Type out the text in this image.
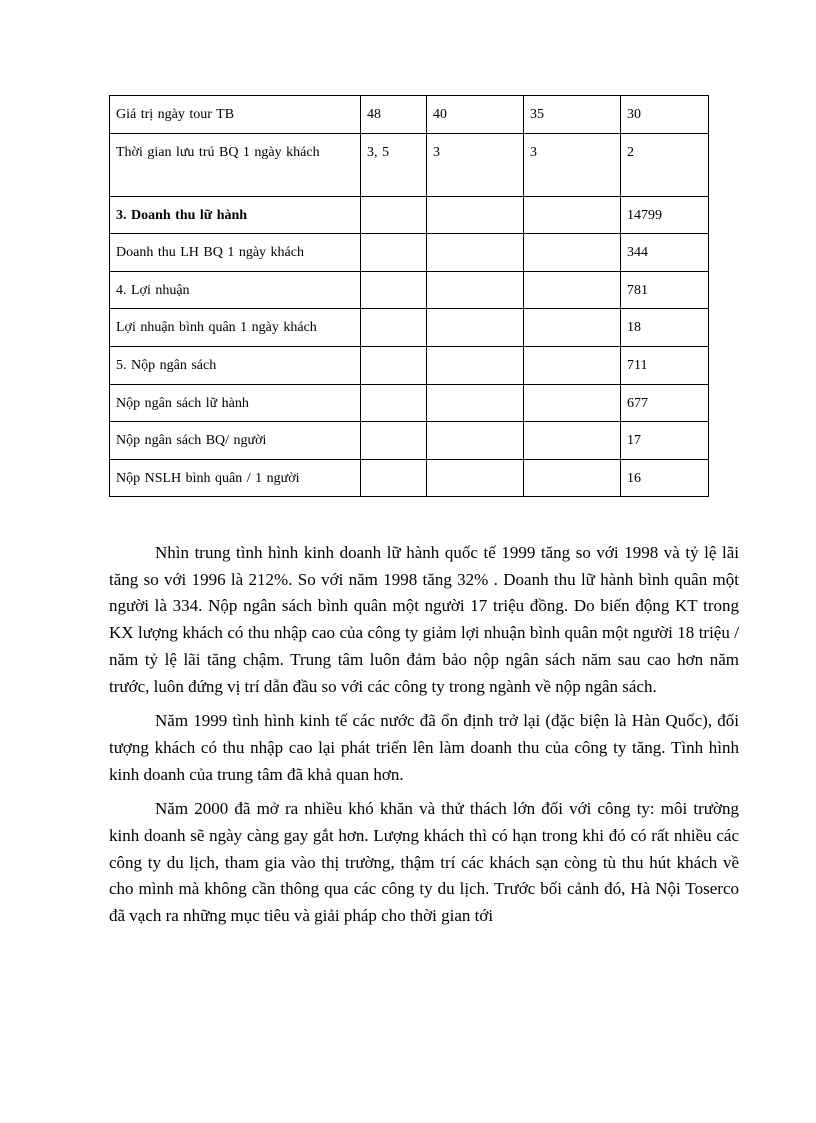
Giá trị ngày tour TB	48	40	35	30
Thời gian lưu trú BQ 1 ngày khách	3, 5	3	3	2
3. Doanh thu lữ hành				14799
Doanh thu LH BQ 1 ngày khách				344
4. Lợi nhuận				781
Lợi nhuận bình quân 1 ngày khách				18
5. Nộp ngân sách				711
Nộp ngân sách lữ hành				677
Nộp ngân sách BQ/ người				17
Nộp NSLH bình quân / 1 người				16

Nhìn trung tình hình kinh doanh lữ hành quốc tế 1999 tăng so với 1998 và tỷ lệ lãi tăng so với 1996 là 212%. So với năm 1998 tăng 32% . Doanh thu lữ hành bình quân một người là 334. Nộp ngân sách bình quân một người 17 triệu đồng. Do biến động KT trong KX lượng khách có thu nhập cao của công ty giảm lợi nhuận bình quân một người 18 triệu / năm tỷ lệ lãi tăng chậm. Trung tâm luôn đảm bảo nộp ngân sách năm sau cao hơn năm trước, luôn đứng vị trí dẫn đầu so với các công ty trong ngành về nộp ngân sách.

Năm 1999 tình hình kinh tế các nước đã ổn định trở lại (đặc biện là Hàn Quốc), đối tượng khách có thu nhập cao lại phát triển lên làm doanh thu của công ty tăng. Tình hình kinh doanh của trung tâm đã khả quan hơn.

Năm 2000 đã mở ra nhiều khó khăn và thử thách lớn đối với công ty: môi trường kinh doanh sẽ ngày càng gay gắt hơn. Lượng khách thì có hạn trong khi đó có rất nhiều các công ty du lịch, tham gia vào thị trường, thậm trí các khách sạn còng tù thu hút khách về cho mình mà không cần thông qua các công ty du lịch. Trước bối cảnh đó, Hà Nội Toserco đã vạch ra những mục tiêu và giải pháp cho thời gian tới
